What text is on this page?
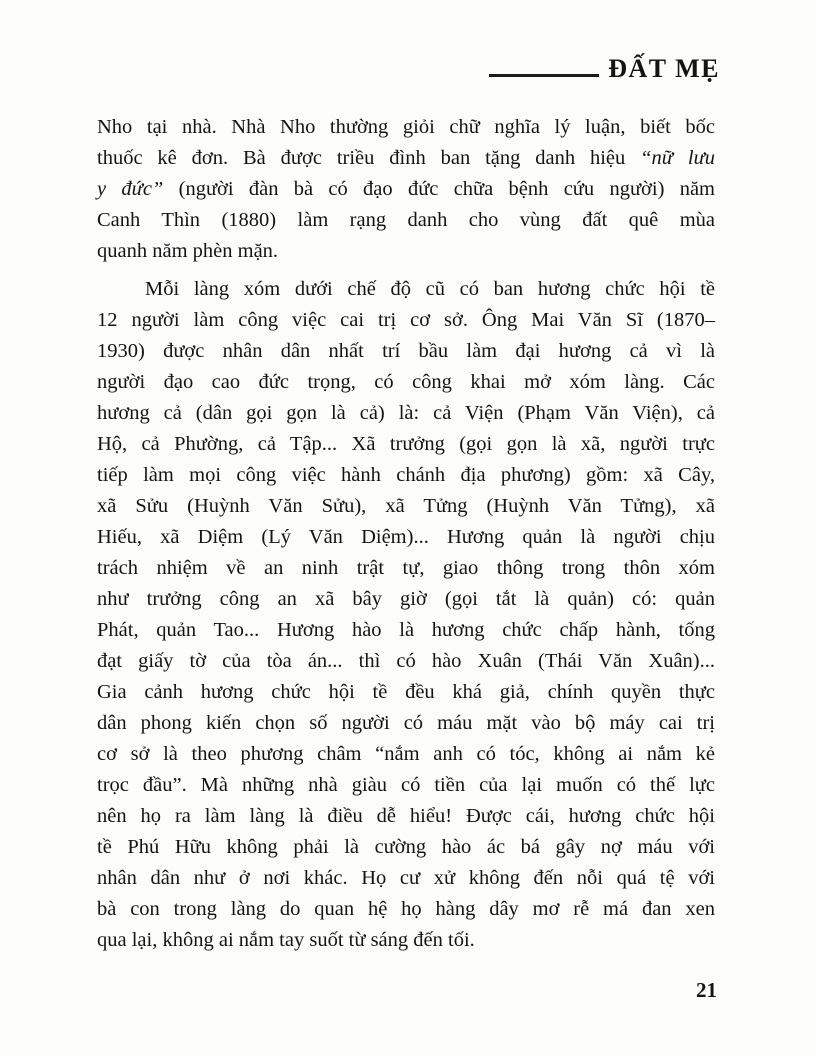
ĐẤT MẸ
Nho tại nhà. Nhà Nho thường giỏi chữ nghĩa lý luận, biết bốc
thuốc kê đơn. Bà được triều đình ban tặng danh hiệu “nữ lưu
y đức” (người đàn bà có đạo đức chữa bệnh cứu người) năm
Canh Thìn (1880) làm rạng danh cho vùng đất quê mùa
quanh năm phèn mặn.
Mỗi làng xóm dưới chế độ cũ có ban hương chức hội tề
12 người làm công việc cai trị cơ sở. Ông Mai Văn Sĩ (1870–
1930) được nhân dân nhất trí bầu làm đại hương cả vì là
người đạo cao đức trọng, có công khai mở xóm làng. Các
hương cả (dân gọi gọn là cả) là: cả Viện (Phạm Văn Viện), cả
Hộ, cả Phường, cả Tập... Xã trưởng (gọi gọn là xã, người trực
tiếp làm mọi công việc hành chánh địa phương) gồm: xã Cây,
xã Sửu (Huỳnh Văn Sửu), xã Tửng (Huỳnh Văn Tửng), xã
Hiếu, xã Diệm (Lý Văn Diệm)... Hương quản là người chịu
trách nhiệm về an ninh trật tự, giao thông trong thôn xóm
như trưởng công an xã bây giờ (gọi tắt là quản) có: quản
Phát, quản Tao... Hương hào là hương chức chấp hành, tống
đạt giấy tờ của tòa án... thì có hào Xuân (Thái Văn Xuân)...
Gia cảnh hương chức hội tề đều khá giả, chính quyền thực
dân phong kiến chọn số người có máu mặt vào bộ máy cai trị
cơ sở là theo phương châm “nắm anh có tóc, không ai nắm kẻ
trọc đầu”. Mà những nhà giàu có tiền của lại muốn có thế lực
nên họ ra làm làng là điều dễ hiểu! Được cái, hương chức hội
tề Phú Hữu không phải là cường hào ác bá gây nợ máu với
nhân dân như ở nơi khác. Họ cư xử không đến nỗi quá tệ với
bà con trong làng do quan hệ họ hàng dây mơ rễ má đan xen
qua lại, không ai nắm tay suốt từ sáng đến tối.
21
